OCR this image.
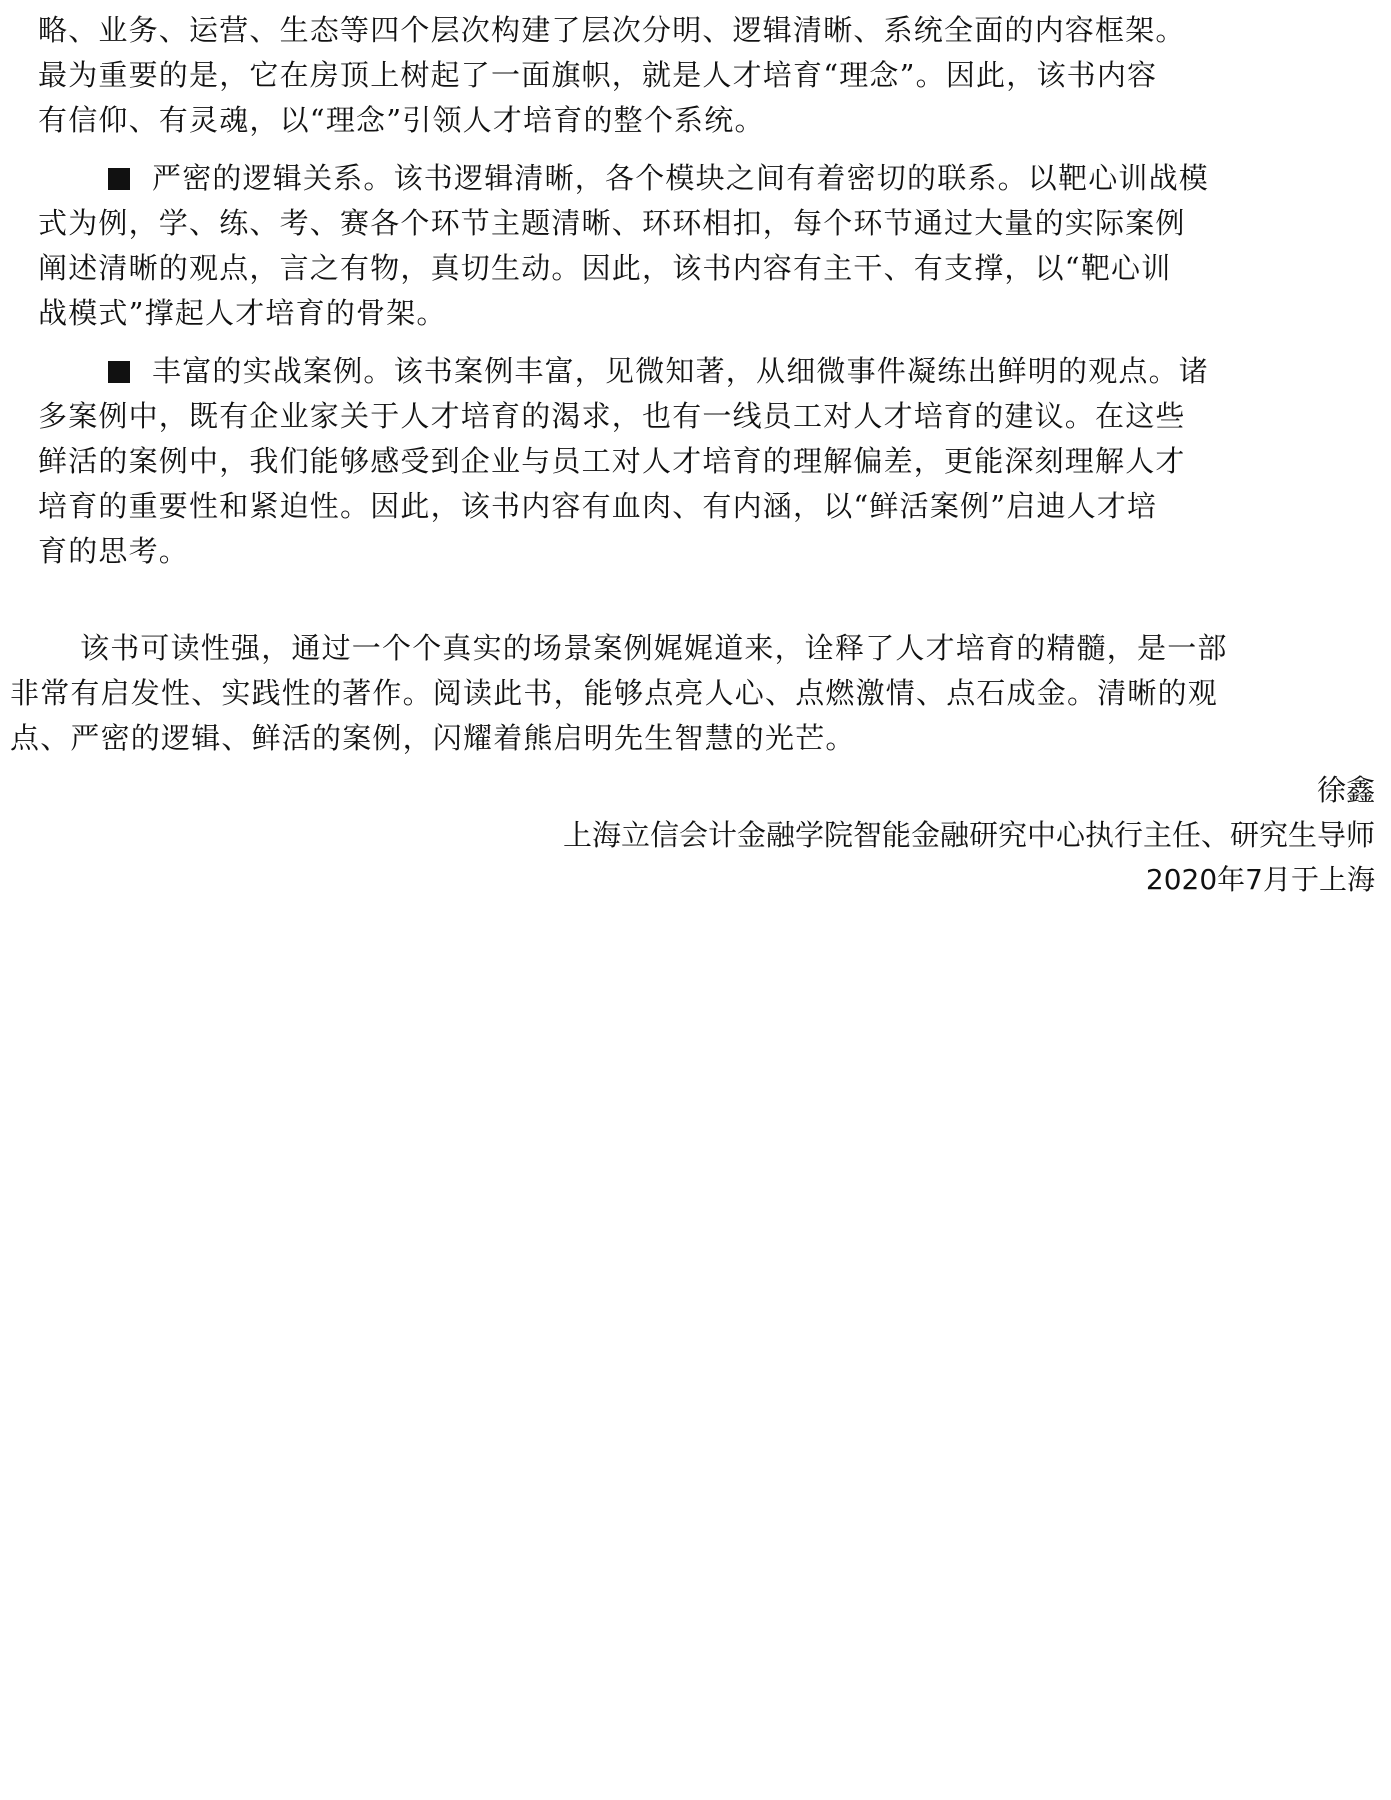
略、业务、运营、生态等四个层次构建了层次分明、逻辑清晰、系统全面的内容框架。
最为重要的是，它在房顶上树起了一面旗帜，就是人才培育“理念”。因此，该书内容
有信仰、有灵魂，以“理念”引领人才培育的整个系统。
严密的逻辑关系。该书逻辑清晰，各个模块之间有着密切的联系。以靶心训战模
式为例，学、练、考、赛各个环节主题清晰、环环相扣，每个环节通过大量的实际案例
阐述清晰的观点，言之有物，真切生动。因此，该书内容有主干、有支撑，以“靶心训
战模式”撑起人才培育的骨架。
丰富的实战案例。该书案例丰富，见微知著，从细微事件凝练出鲜明的观点。诸
多案例中，既有企业家关于人才培育的渴求，也有一线员工对人才培育的建议。在这些
鲜活的案例中，我们能够感受到企业与员工对人才培育的理解偏差，更能深刻理解人才
培育的重要性和紧迫性。因此，该书内容有血肉、有内涵，以“鲜活案例”启迪人才培
育的思考。
该书可读性强，通过一个个真实的场景案例娓娓道来，诠释了人才培育的精髓，是一部
非常有启发性、实践性的著作。阅读此书，能够点亮人心、点燃激情、点石成金。清晰的观
点、严密的逻辑、鲜活的案例，闪耀着熊启明先生智慧的光芒。
徐鑫
上海立信会计金融学院智能金融研究中心执行主任、研究生导师
2020年7月于上海
